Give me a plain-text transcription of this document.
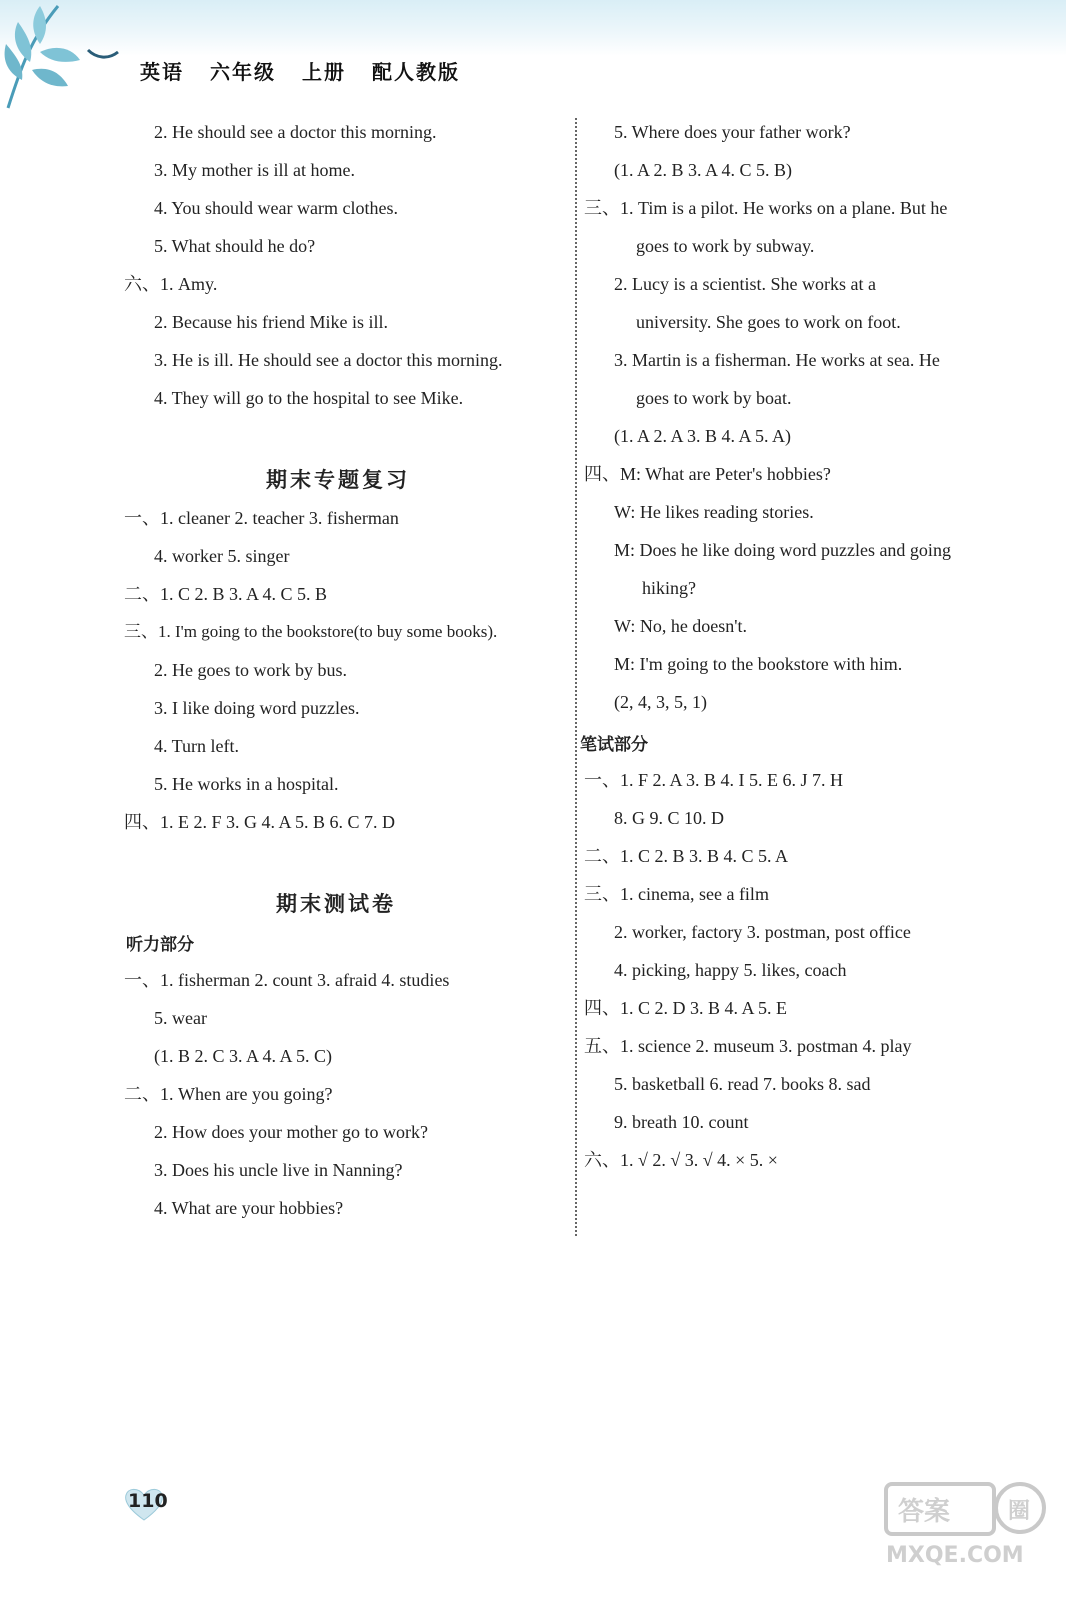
英语 六年级 上册 配人教版
2. He should see a doctor this morning.
3. My mother is ill at home.
4. You should wear warm clothes.
5. What should he do?
六、1. Amy.
2. Because his friend Mike is ill.
3. He is ill. He should see a doctor this morning.
4. They will go to the hospital to see Mike.
期末专题复习
一、1. cleaner 2. teacher 3. fisherman
4. worker 5. singer
二、1. C 2. B 3. A 4. C 5. B
三、1. I'm going to the bookstore(to buy some books).
2. He goes to work by bus.
3. I like doing word puzzles.
4. Turn left.
5. He works in a hospital.
四、1. E 2. F 3. G 4. A 5. B 6. C 7. D
期末测试卷
听力部分
一、1. fisherman 2. count 3. afraid 4. studies
5. wear
(1. B 2. C 3. A 4. A 5. C)
二、1. When are you going?
2. How does your mother go to work?
3. Does his uncle live in Nanning?
4. What are your hobbies?
5. Where does your father work?
(1. A 2. B 3. A 4. C 5. B)
三、1. Tim is a pilot. He works on a plane. But he
goes to work by subway.
2. Lucy is a scientist. She works at a
university. She goes to work on foot.
3. Martin is a fisherman. He works at sea. He
goes to work by boat.
(1. A 2. A 3. B 4. A 5. A)
四、M: What are Peter's hobbies?
W: He likes reading stories.
M: Does he like doing word puzzles and going
hiking?
W: No, he doesn't.
M: I'm going to the bookstore with him.
(2, 4, 3, 5, 1)
笔试部分
一、1. F 2. A 3. B 4. I 5. E 6. J 7. H
8. G 9. C 10. D
二、1. C 2. B 3. B 4. C 5. A
三、1. cinema, see a film
2. worker, factory 3. postman, post office
4. picking, happy 5. likes, coach
四、1. C 2. D 3. B 4. A 5. E
五、1. science 2. museum 3. postman 4. play
5. basketball 6. read 7. books 8. sad
9. breath 10. count
六、1. √ 2. √ 3. √ 4. × 5. ×
110	答案	圈
MXQE.COM
